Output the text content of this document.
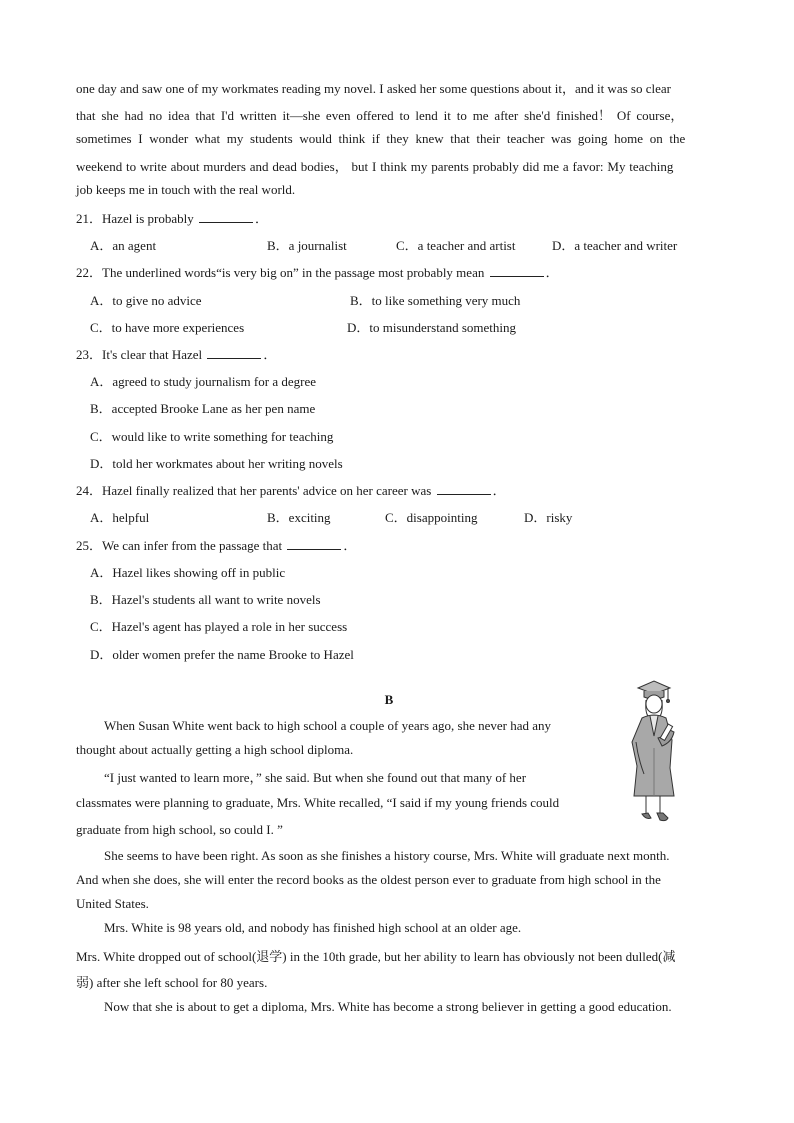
one day and saw one of my workmates reading my novel. I asked her some questions about it，and it was so clear
that she had no idea that I'd written it—she even offered to lend it to me after she'd finished！ Of course，
sometimes I wonder what my students would think if they knew that their teacher was going home on the
weekend to write about murders and dead bodies， but I think my parents probably did me a favor: My teaching
job keeps me in touch with the real world.
21．Hazel is probably	．
A．an agent	B．a journalist	C．a teacher and artist	D．a teacher and writer
22．The underlined words“is very big on” in the passage most probably mean	．
A．to give no advice	B．to like something very much
C．to have more experiences	D．to misunderstand something
23．It's clear that Hazel	．
A．agreed to study journalism for a degree
B．accepted Brooke Lane as her pen name
C．would like to write something for teaching
D．told her workmates about her writing novels
24．Hazel finally realized that her parents' advice on her career was	．
A．helpful	B．exciting	C．disappointing	D．risky
25．We can infer from the passage that	．
A．Hazel likes showing off in public
B．Hazel's students all want to write novels
C．Hazel's agent has played a role in her success
D．older women prefer the name Brooke to Hazel
B
When Susan White went back to high school a couple of years ago, she never had any
thought about actually getting a high school diploma.
“I just wanted to learn more，” she said. But when she found out that many of her
classmates were planning to graduate, Mrs. White recalled, “I said if my young friends could
graduate from high school, so could I. ”
She seems to have been right. As soon as she finishes a history course, Mrs. White will graduate next month.
And when she does, she will enter the record books as the oldest person ever to graduate from high school in the
United States.
Mrs. White is 98 years old, and nobody has finished high school at an older age.
Mrs. White dropped out of school(退学) in the 10th grade, but her ability to learn has obviously not been dulled(减
弱) after she left school for 80 years.
Now that she is about to get a diploma, Mrs. White has become a strong believer in getting a good education.
